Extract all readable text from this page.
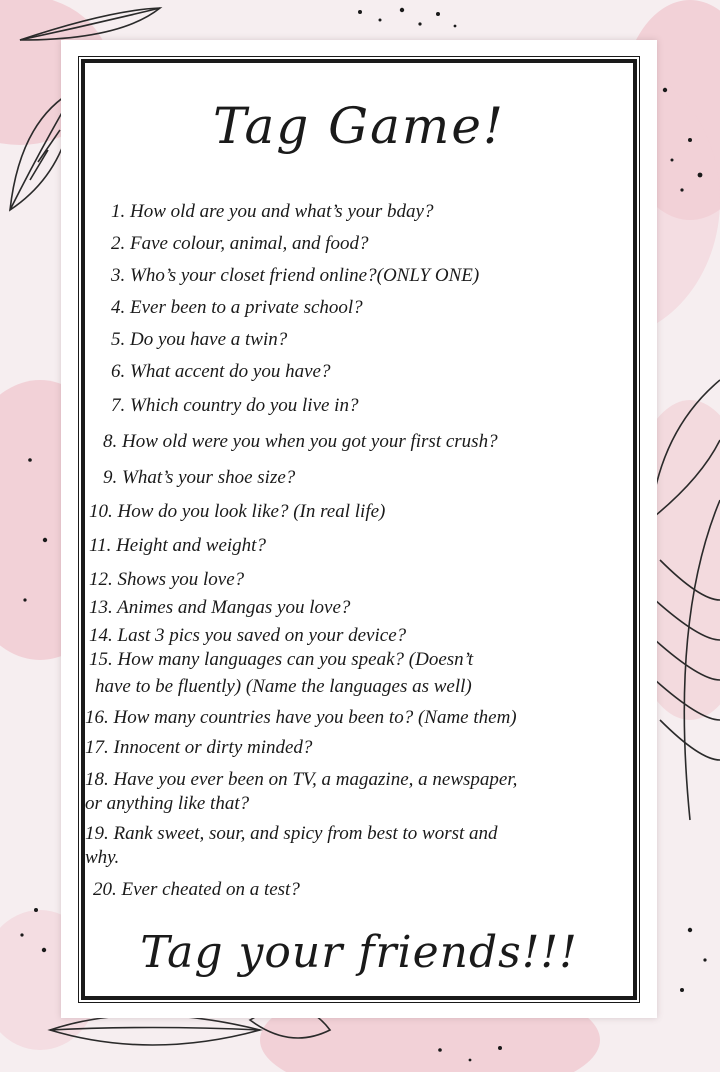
Tag Game!
1. How old are you and what’s your bday?
2. Fave colour, animal, and food?
3. Who’s your closet friend online?(ONLY ONE)
4. Ever been to a private school?
5. Do you have a twin?
6. What accent do you have?
7. Which country do you live in?
8. How old were you when you got your first crush?
9. What’s your shoe size?
10. How do you look like? (In real life)
11. Height and weight?
12. Shows you love?
13. Animes and Mangas you love?
14. Last 3 pics you saved on your device?
15. How many languages can you speak? (Doesn’t
have to be fluently) (Name the languages as well)
16. How many countries have you been to? (Name them)
17. Innocent or dirty minded?
18. Have you ever been on TV, a magazine, a newspaper,
or anything like that?
19. Rank sweet, sour, and spicy from best to worst and
why.
20. Ever cheated on a test?
Tag your friends!!!
